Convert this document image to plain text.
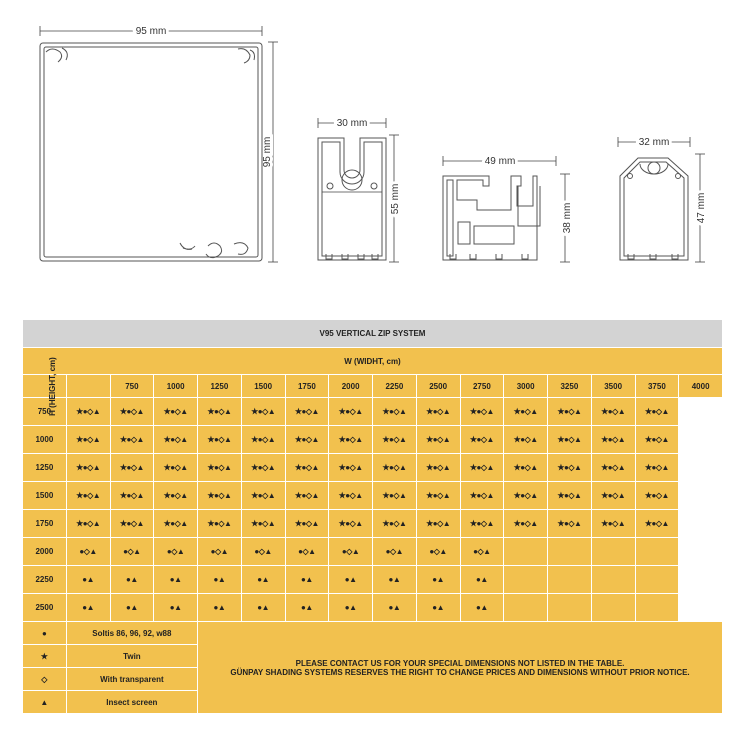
95 mm
95 mm
30 mm
55 mm
49 mm
38 mm
32 mm
47 mm
V95 VERTICAL ZIP SYSTEM															
W (WIDHT, cm)															
H (HEIGHT, cm)		750	1000	1250	1500	1750	2000	2250	2500	2750	3000	3250	3500	3750	4000
750	★●◇▲	★●◇▲	★●◇▲	★●◇▲	★●◇▲	★●◇▲	★●◇▲	★●◇▲	★●◇▲	★●◇▲	★●◇▲	★●◇▲	★●◇▲	★●◇▲	
1000	★●◇▲	★●◇▲	★●◇▲	★●◇▲	★●◇▲	★●◇▲	★●◇▲	★●◇▲	★●◇▲	★●◇▲	★●◇▲	★●◇▲	★●◇▲	★●◇▲	
1250	★●◇▲	★●◇▲	★●◇▲	★●◇▲	★●◇▲	★●◇▲	★●◇▲	★●◇▲	★●◇▲	★●◇▲	★●◇▲	★●◇▲	★●◇▲	★●◇▲	
1500	★●◇▲	★●◇▲	★●◇▲	★●◇▲	★●◇▲	★●◇▲	★●◇▲	★●◇▲	★●◇▲	★●◇▲	★●◇▲	★●◇▲	★●◇▲	★●◇▲	
1750	★●◇▲	★●◇▲	★●◇▲	★●◇▲	★●◇▲	★●◇▲	★●◇▲	★●◇▲	★●◇▲	★●◇▲	★●◇▲	★●◇▲	★●◇▲	★●◇▲	
2000	●◇▲	●◇▲	●◇▲	●◇▲	●◇▲	●◇▲	●◇▲	●◇▲	●◇▲	●◇▲					
2250	●▲	●▲	●▲	●▲	●▲	●▲	●▲	●▲	●▲	●▲					
2500	●▲	●▲	●▲	●▲	●▲	●▲	●▲	●▲	●▲	●▲					
●	Soltis 86, 96, 92, w88			PLEASE CONTACT US FOR YOUR SPECIAL DIMENSIONS NOT LISTED IN THE TABLE.
GÜNPAY SHADING SYSTEMS RESERVES THE RIGHT TO CHANGE PRICES AND DIMENSIONS WITHOUT PRIOR NOTICE.											

★	Twin														
◇	With transparent														
▲	Insect screen														
